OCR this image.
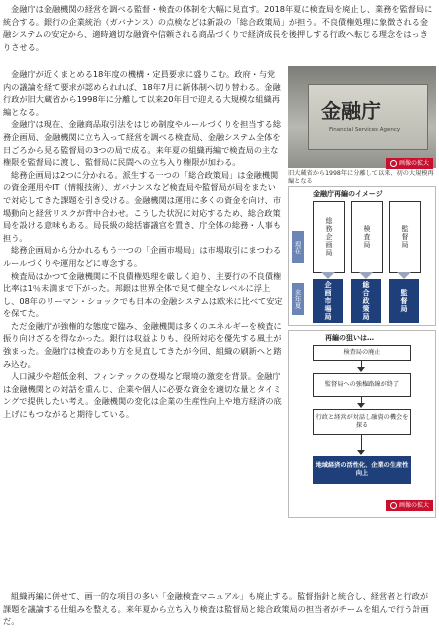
金融庁は金融機関の経営を調べる監督・検査の体制を大幅に見直す。2018年夏に検査局を廃止し、業務を監督局に統合する。銀行の企業統治（ガバナンス）の点検などは新設の「総合政策局」が担う。不良債権処理に象徴される金融システムの安定から、適時適切な融資や信頼される商品づくりで経済成長を後押しする行政へ転じる理念をはっきりさせる。

金融庁が近くまとめる18年度の機構・定員要求に盛りこむ。政府・与党内の議論を経て要求が認められれば、18年7月に新体制へ切り替わる。金融行政が旧大蔵省から1998年に分離して以来20年目で迎える大規模な組織再編となる。

金融庁は現在、金融商品取引法をはじめ制度やルールづくりを担当する総務企画局、金融機関に立ち入って経営を調べる検査局、金融システム全体を日ごろから見る監督局の3つの局で成る。来年夏の組織再編で検査局の主な権限を監督局に渡し、監督局に民間への立ち入り権限が加わる。

総務企画局は2つに分かれる。派生する一つの「総合政策局」は金融機関の資金運用やIT（情報技術）、ガバナンスなど検査局や監督局が局をまたいで対応してきた課題を引き受ける。金融機関は運用に多くの資金を向け、市場動向と経営リスクが背中合わせ。こうした状況に対応するため、総合政策局を設ける意味もある。局長級の総括審議官を置き、庁全体の総務・人事も担う。

総務企画局から分かれるもう一つの「企画市場局」は市場取引にまつわるルールづくりや運用などに専念する。

検査局はかつて金融機関に不良債権処理を厳しく迫り、主要行の不良債権比率は1％未満まで下がった。邦銀は世界全体で見て健全なレベルに浮上し、08年のリーマン・ショックでも日本の金融システムは欧米に比べて安定を保てた。

ただ金融庁が強権的な態度で臨み、金融機関は多くのエネルギーを検査に振り向けざるを得なかった。銀行は収益よりも、役所対応を優先する風土が強まった。金融庁は検査のあり方を見直してきたが今回、組織の刷新へと踏み込む。

人口減少や超低金利、フィンテックの登場など環境の激変を背景。金融庁は金融機関との対話を重んじ、企業や個人に必要な資金を適切な量とタイミングで提供したい考え。金融機関の変化は企業の生産性向上や地方経済の底上げにもつながると期待している。

組織再編に併せて、画一的な項目の多い「金融検査マニュアル」も廃止する。監督指針と統合し、経営者と行政が課題を議論する仕組みを整える。来年夏から立ち入り検査は監督局と総合政策局の担当者がチームを組んで行う計画だ。

金融庁
Financial Services Agency
画像の拡大
旧大蔵省から1998年に分離して以来、初の大規模再編となる
金融庁再編のイメージ
現在
来年夏
総務企画局	検査局	監督局
企画市場局	総合政策局	監督局
再編の狙いは…
検査局の廃止
監督局への強権路線が終了
行政と経営が対話し融資の機会を探る
地域経済の活性化、企業の生産性向上
画像の拡大
